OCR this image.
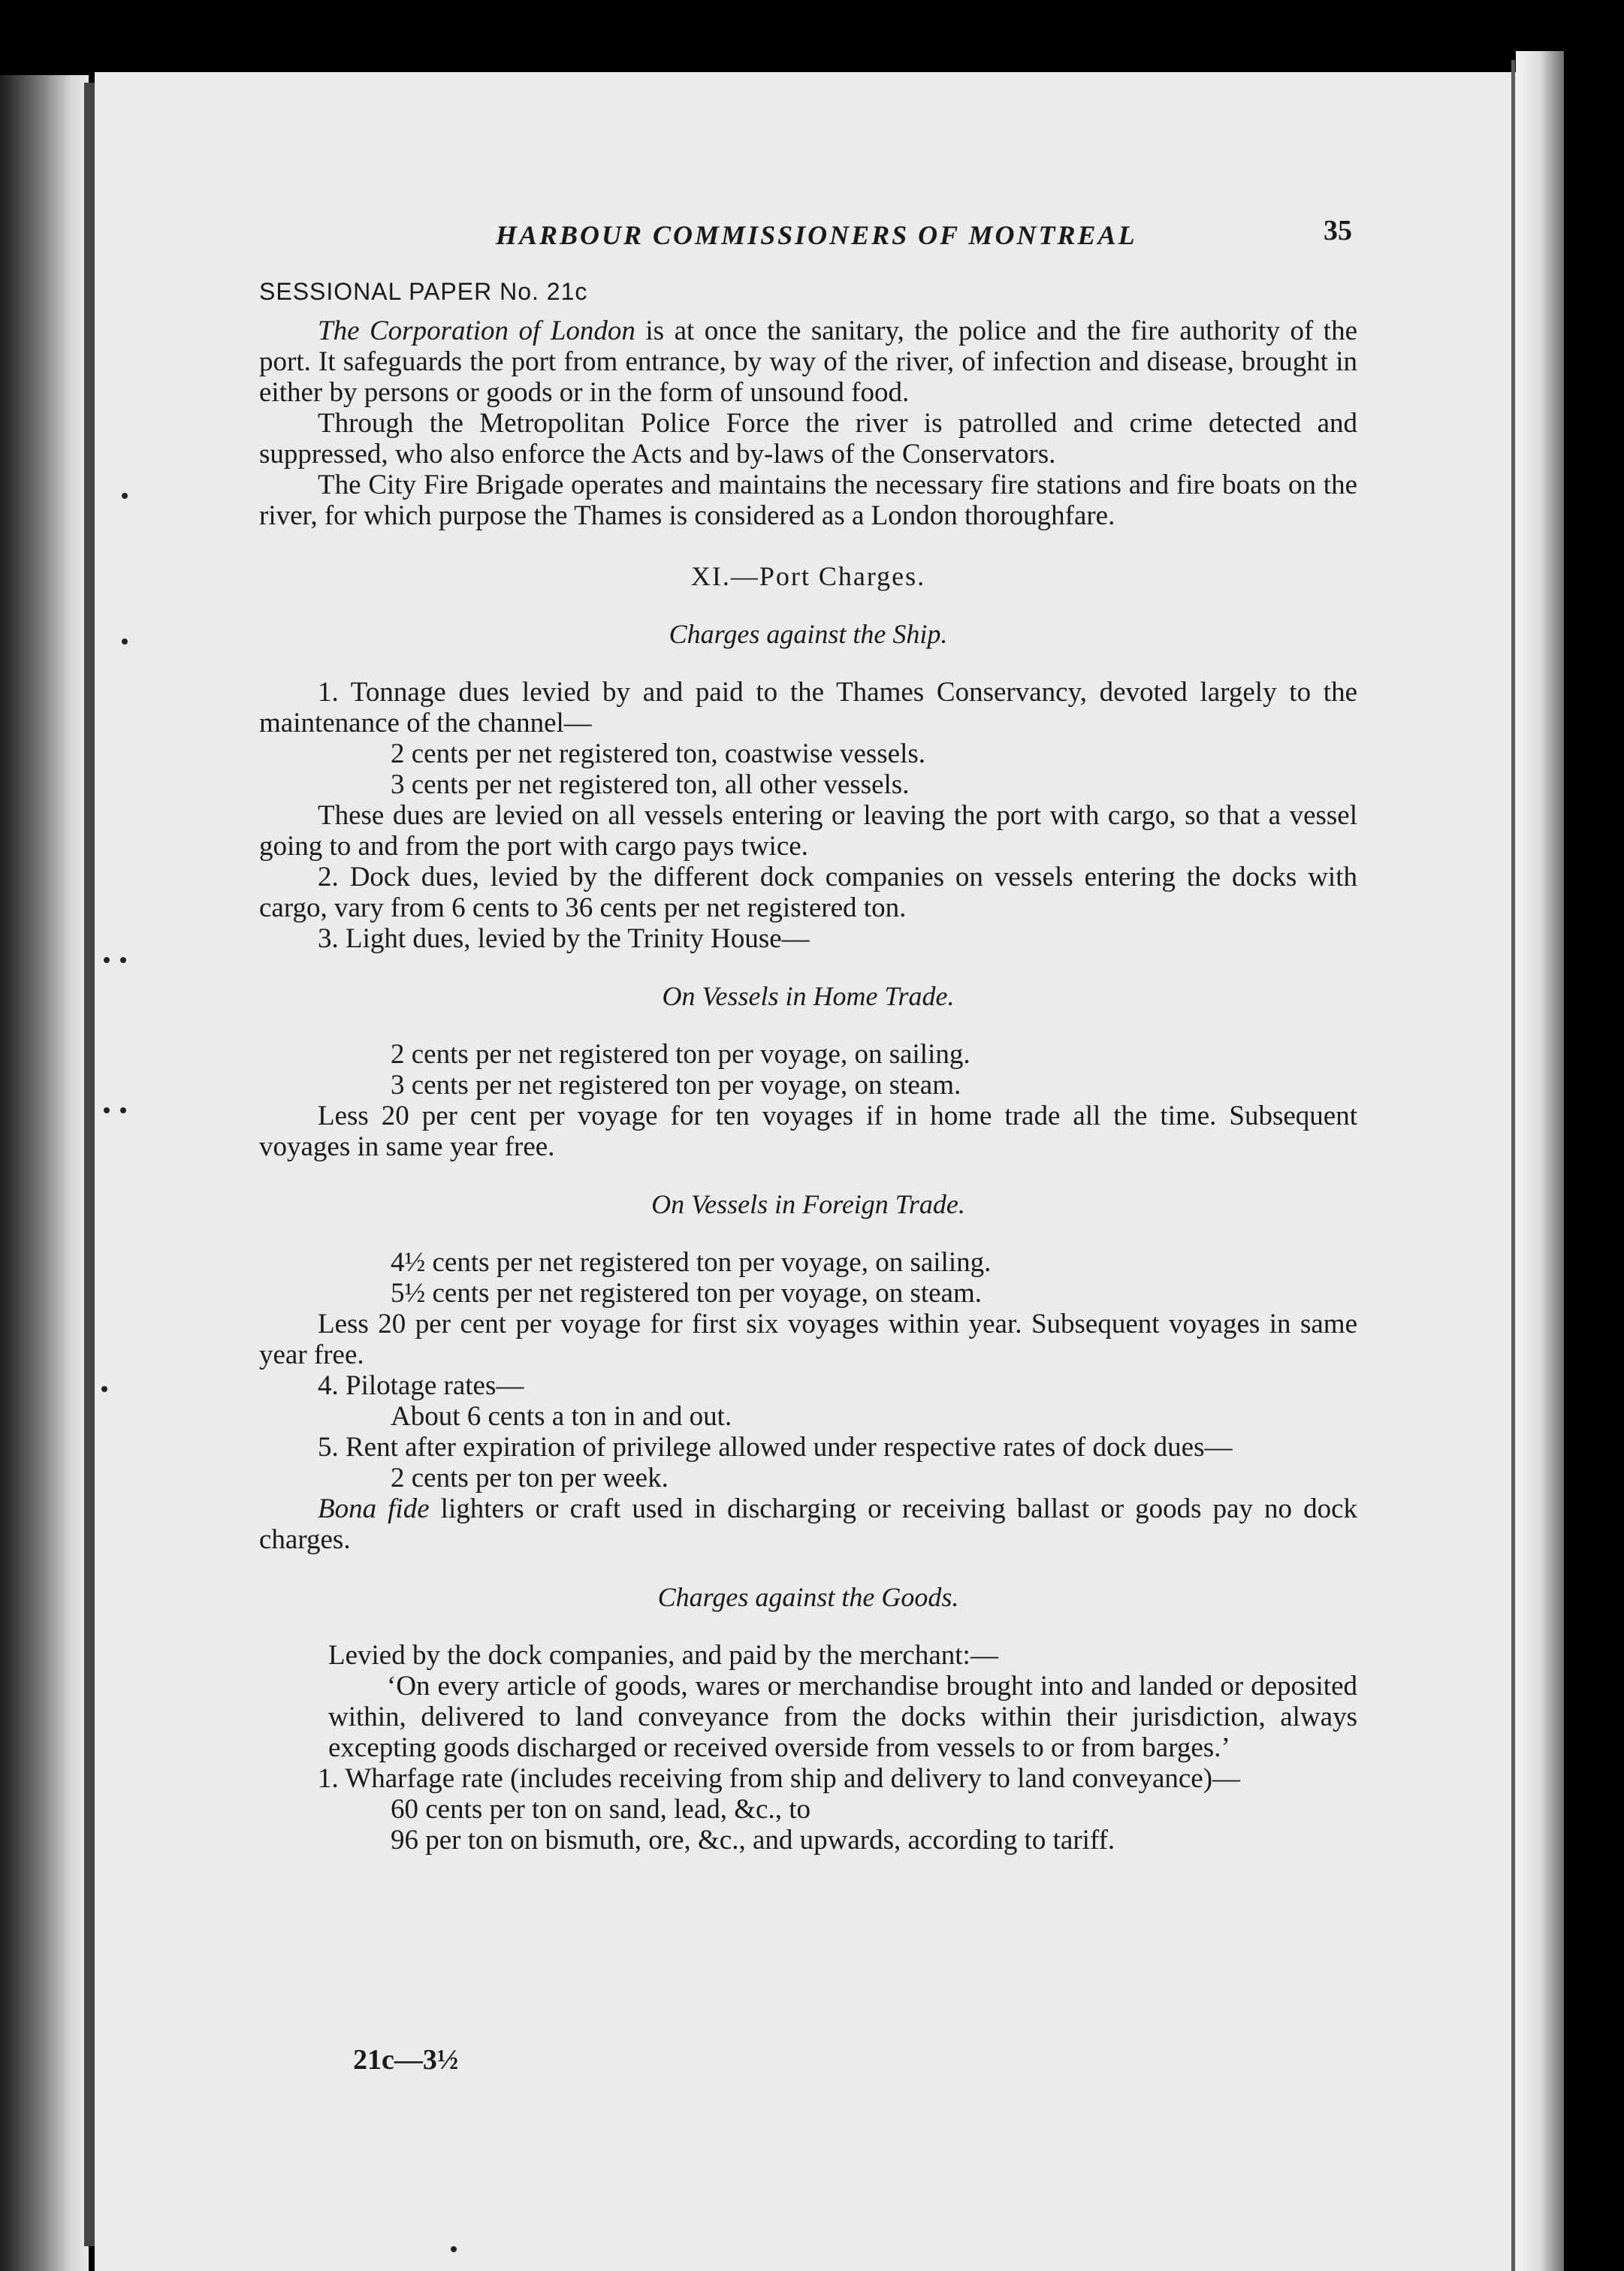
HARBOUR COMMISSIONERS OF MONTREAL	35
SESSIONAL PAPER No. 21c

The Corporation of London is at once the sanitary, the police and the fire authority of the port. It safeguards the port from entrance, by way of the river, of infection and disease, brought in either by persons or goods or in the form of unsound food.

Through the Metropolitan Police Force the river is patrolled and crime detected and suppressed, who also enforce the Acts and by-laws of the Conservators.

The City Fire Brigade operates and maintains the necessary fire stations and fire boats on the river, for which purpose the Thames is considered as a London thoroughfare.

XI.—Port Charges.
Charges against the Ship.

1. Tonnage dues levied by and paid to the Thames Conservancy, devoted largely to the maintenance of the channel—

2 cents per net registered ton, coastwise vessels.

3 cents per net registered ton, all other vessels.

These dues are levied on all vessels entering or leaving the port with cargo, so that a vessel going to and from the port with cargo pays twice.

2. Dock dues, levied by the different dock companies on vessels entering the docks with cargo, vary from 6 cents to 36 cents per net registered ton.

3. Light dues, levied by the Trinity House—

On Vessels in Home Trade.

2 cents per net registered ton per voyage, on sailing.

3 cents per net registered ton per voyage, on steam.

Less 20 per cent per voyage for ten voyages if in home trade all the time. Subsequent voyages in same year free.

On Vessels in Foreign Trade.

4½ cents per net registered ton per voyage, on sailing.

5½ cents per net registered ton per voyage, on steam.

Less 20 per cent per voyage for first six voyages within year. Subsequent voyages in same year free.

4. Pilotage rates—

About 6 cents a ton in and out.

5. Rent after expiration of privilege allowed under respective rates of dock dues—

2 cents per ton per week.

Bona fide lighters or craft used in discharging or receiving ballast or goods pay no dock charges.

Charges against the Goods.

Levied by the dock companies, and paid by the merchant:—

‘On every article of goods, wares or merchandise brought into and landed or deposited within, delivered to land conveyance from the docks within their jurisdiction, always excepting goods discharged or received overside from vessels to or from barges.’

1. Wharfage rate (includes receiving from ship and delivery to land conveyance)—

60 cents per ton on sand, lead, &c., to

96 per ton on bismuth, ore, &c., and upwards, according to tariff.

21c—3½
